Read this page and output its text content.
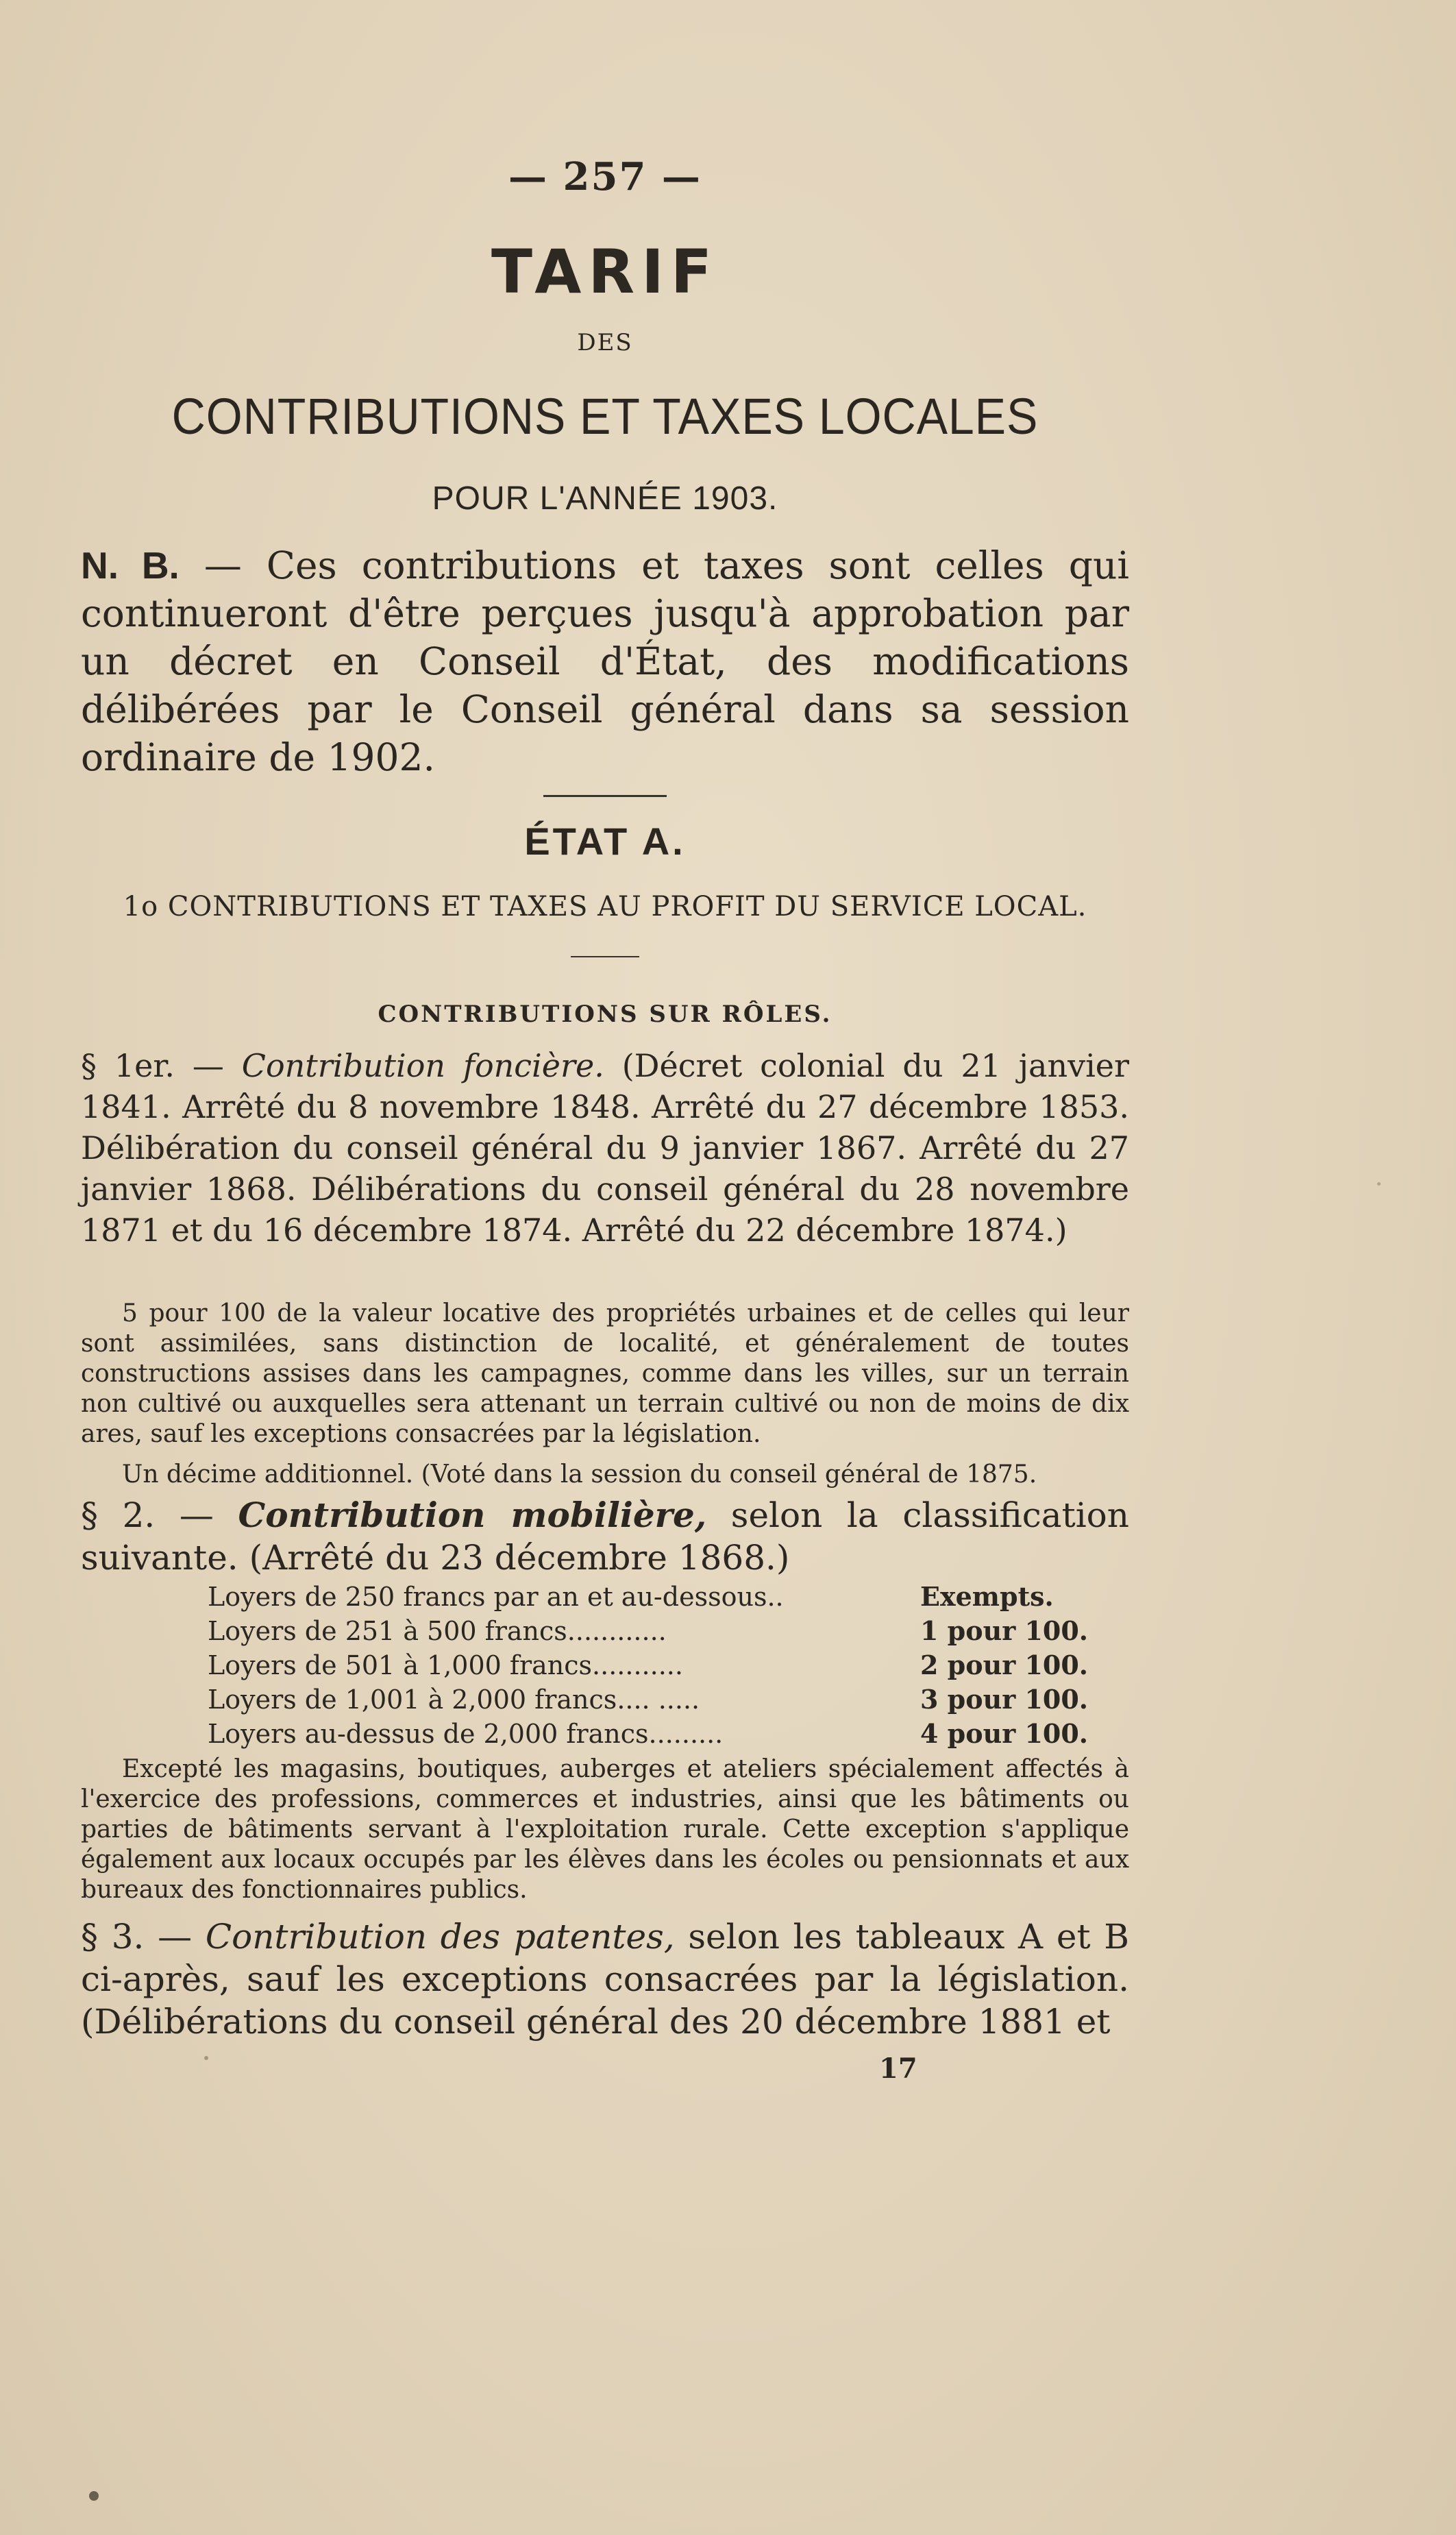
— 257 —
TARIF
DES
CONTRIBUTIONS ET TAXES LOCALES
POUR L'ANNÉE 1903.
N. B. — Ces contributions et taxes sont celles qui continueront d'être perçues jusqu'à approbation par un décret en Conseil d'État, des modifications délibérées par le Conseil général dans sa session ordinaire de 1902.
ÉTAT A.
1o CONTRIBUTIONS ET TAXES AU PROFIT DU SERVICE LOCAL.
CONTRIBUTIONS SUR RÔLES.
§ 1er. — Contribution foncière. (Décret colonial du 21 janvier 1841. Arrêté du 8 novembre 1848. Arrêté du 27 décembre 1853. Délibération du conseil général du 9 janvier 1867. Arrêté du 27 janvier 1868. Délibérations du conseil général du 28 novembre 1871 et du 16 décembre 1874. Arrêté du 22 décembre 1874.)
5 pour 100 de la valeur locative des propriétés urbaines et de celles qui leur sont assimilées, sans distinction de localité, et généralement de toutes constructions assises dans les campagnes, comme dans les villes, sur un terrain non cultivé ou auxquelles sera attenant un terrain cultivé ou non de moins de dix ares, sauf les exceptions consacrées par la législation.
Un décime additionnel. (Voté dans la session du conseil général de 1875.
§ 2. — Contribution mobilière, selon la classification suivante. (Arrêté du 23 décembre 1868.)
Loyers de 250 francs par an et au-dessous..	Exempts.
Loyers de 251 à 500 francs............	1 pour 100.
Loyers de 501 à 1,000 francs...........	2 pour 100.
Loyers de 1,001 à 2,000 francs.... .....	3 pour 100.
Loyers au-dessus de 2,000 francs.........	4 pour 100.
Excepté les magasins, boutiques, auberges et ateliers spécialement affectés à l'exercice des professions, commerces et industries, ainsi que les bâtiments ou parties de bâtiments servant à l'exploitation rurale. Cette exception s'applique également aux locaux occupés par les élèves dans les écoles ou pensionnats et aux bureaux des fonctionnaires publics.
§ 3. — Contribution des patentes, selon les tableaux A et B ci-après, sauf les exceptions consacrées par la législation. (Délibérations du conseil général des 20 décembre 1881 et
17
